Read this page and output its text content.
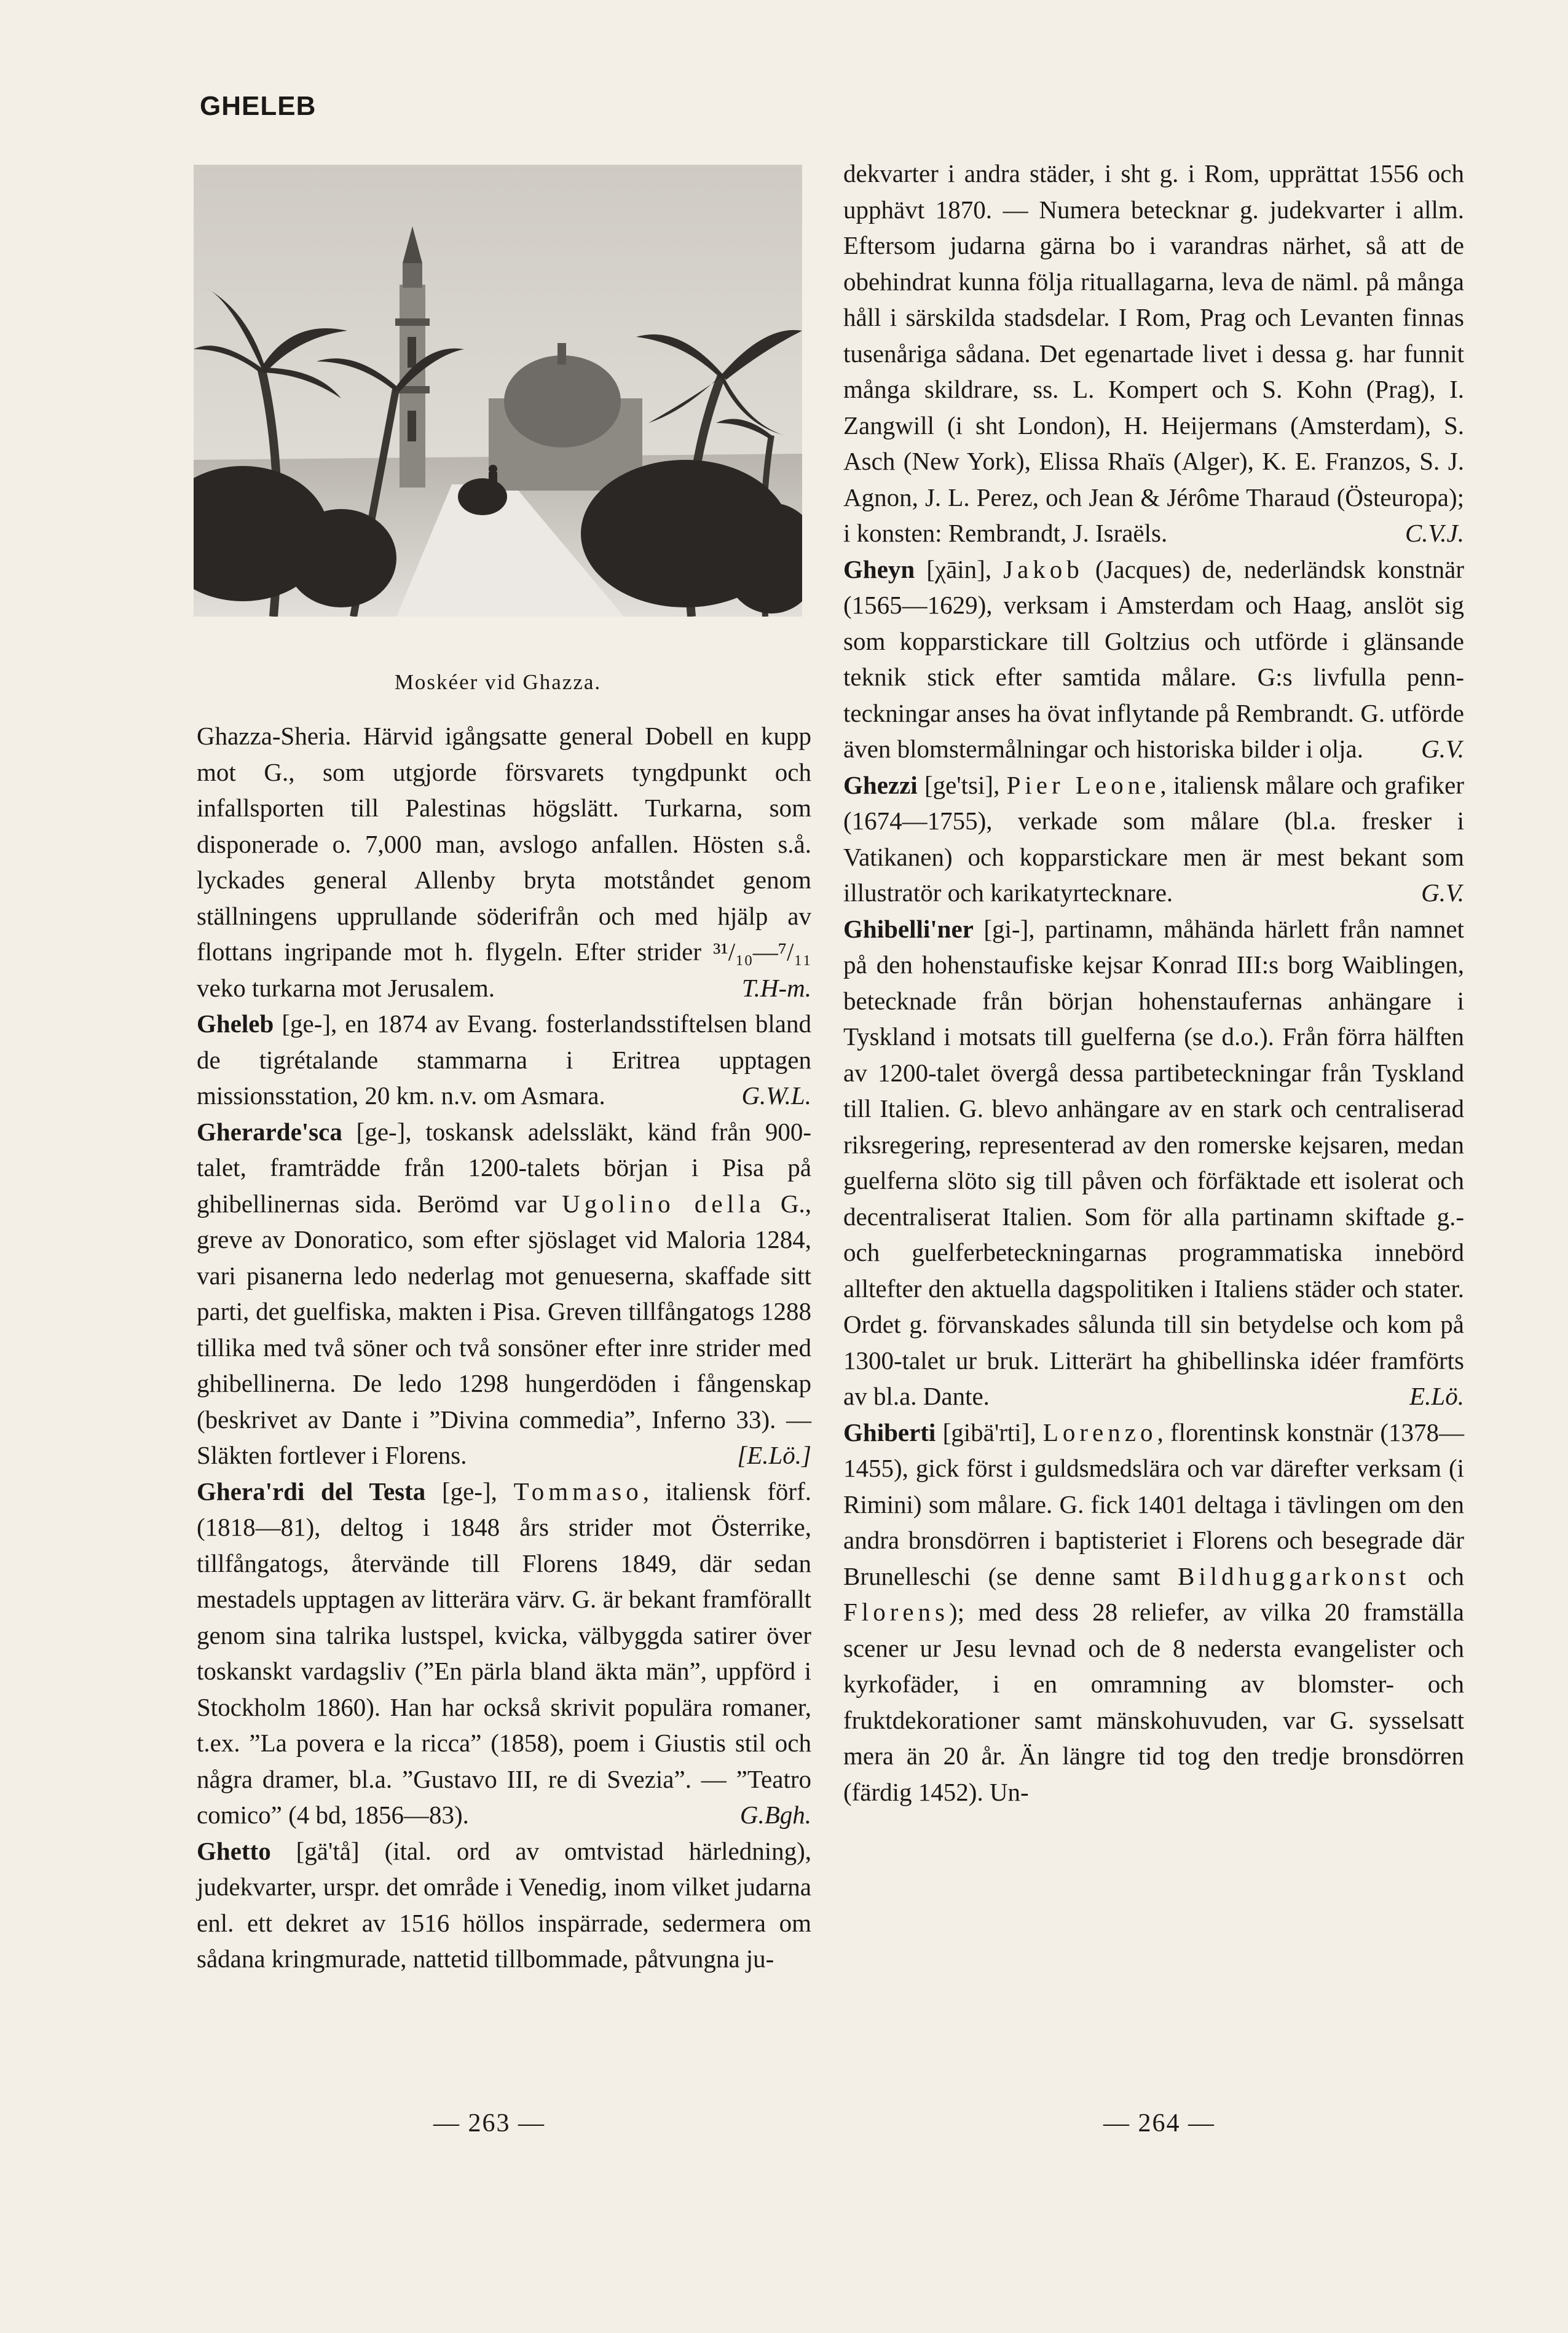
GHELEB
Moskéer vid Ghazza.

Ghazza-Sheria. Härvid igångsatte general Dobell en kupp mot G., som utgjorde försvarets tyngdpunkt och infallsporten till Palestinas högslätt. Turkarna, som disponerade o. 7,000 man, avslogo anfallen. Hösten s.å. lyckades general Allenby bryta motståndet genom ställningens upprullande söderifrån och med hjälp av flottans ingripande mot h. flygeln. Efter strider ³¹/₁₀—⁷/₁₁ veko turkarna mot Jerusalem.	T.H-m.

Gheleb [ge-], en 1874 av Evang. fosterlandsstiftelsen bland de tigrétalande stammarna i Eritrea upptagen missionsstation, 20 km. n.v. om Asmara.	G.W.L.

Gherarde'sca [ge-], toskansk adelssläkt, känd från 900-talet, framträdde från 1200-talets början i Pisa på ghibellinernas sida. Berömd var Ugolino della G., greve av Donoratico, som efter sjöslaget vid Maloria 1284, vari pisanerna ledo nederlag mot genueserna, skaffade sitt parti, det guelfiska, makten i Pisa. Greven tillfångatogs 1288 tillika med två söner och två sonsöner efter inre strider med ghibellinerna. De ledo 1298 hungerdöden i fångenskap (beskrivet av Dante i ”Divina commedia”, Inferno 33). — Släkten fortlever i Florens.	[E.Lö.]

Ghera'rdi del Testa [ge-], Tommaso, italiensk förf. (1818—81), deltog i 1848 års strider mot Österrike, tillfångatogs, återvände till Florens 1849, där sedan mestadels upptagen av litterära värv. G. är bekant framförallt genom sina talrika lustspel, kvicka, välbyggda satirer över toskanskt vardagsliv (”En pärla bland äkta män”, uppförd i Stockholm 1860). Han har också skrivit populära romaner, t.ex. ”La povera e la ricca” (1858), poem i Giustis stil och några dramer, bl.a. ”Gustavo III, re di Svezia”. — ”Teatro comico” (4 bd, 1856—83).	G.Bgh.

Ghetto [gä'tå] (ital. ord av omtvistad härledning), judekvarter, urspr. det område i Venedig, inom vilket judarna enl. ett dekret av 1516 höllos inspärrade, sedermera om sådana kringmurade, nattetid tillbommade, påtvungna ju-

dekvarter i andra städer, i sht g. i Rom, upprättat 1556 och upphävt 1870. — Numera betecknar g. judekvarter i allm. Eftersom judarna gärna bo i varandras närhet, så att de obehindrat kunna följa rituallagarna, leva de näml. på många håll i särskilda stadsdelar. I Rom, Prag och Levanten finnas tusenåriga sådana. Det egenartade livet i dessa g. har funnit många skildrare, ss. L. Kompert och S. Kohn (Prag), I. Zangwill (i sht London), H. Heijermans (Amsterdam), S. Asch (New York), Elissa Rhaïs (Alger), K. E. Franzos, S. J. Agnon, J. L. Perez, och Jean & Jérôme Tharaud (Östeuropa); i konsten: Rembrandt, J. Israëls.	C.V.J.

Gheyn [χāin], Jakob (Jacques) de, nederländsk konstnär (1565—1629), verksam i Amsterdam och Haag, anslöt sig som kopparstickare till Goltzius och utförde i glänsande teknik stick efter samtida målare. G:s livfulla penn-teckningar anses ha övat inflytande på Rembrandt. G. utförde även blomstermålningar och historiska bilder i olja.	G.V.

Ghezzi [ge'tsi], Pier Leone, italiensk målare och grafiker (1674—1755), verkade som målare (bl.a. fresker i Vatikanen) och kopparstickare men är mest bekant som illustratör och karikatyrtecknare.	G.V.

Ghibelli'ner [gi-], partinamn, måhända härlett från namnet på den hohenstaufiske kejsar Konrad III:s borg Waiblingen, betecknade från början hohenstaufernas anhängare i Tyskland i motsats till guelferna (se d.o.). Från förra hälften av 1200-talet övergå dessa partibeteckningar från Tyskland till Italien. G. blevo anhängare av en stark och centraliserad riksregering, representerad av den romerske kejsaren, medan guelferna slöto sig till påven och förfäktade ett isolerat och decentraliserat Italien. Som för alla partinamn skiftade g.- och guelferbeteckningarnas programmatiska innebörd alltefter den aktuella dagspolitiken i Italiens städer och stater. Ordet g. förvanskades sålunda till sin betydelse och kom på 1300-talet ur bruk. Litterärt ha ghibellinska idéer framförts av bl.a. Dante.	E.Lö.

Ghiberti [gibä'rti], Lorenzo, florentinsk konstnär (1378—1455), gick först i guldsmedslära och var därefter verksam (i Rimini) som målare. G. fick 1401 deltaga i tävlingen om den andra bronsdörren i baptisteriet i Florens och besegrade där Brunelleschi (se denne samt Bildhuggarkonst och Florens); med dess 28 reliefer, av vilka 20 framställa scener ur Jesu levnad och de 8 nedersta evangelister och kyrkofäder, i en omramning av blomster- och fruktdekorationer samt mänskohuvuden, var G. sysselsatt mera än 20 år. Än längre tid tog den tredje bronsdörren (färdig 1452). Un-

— 263 —	— 264 —
